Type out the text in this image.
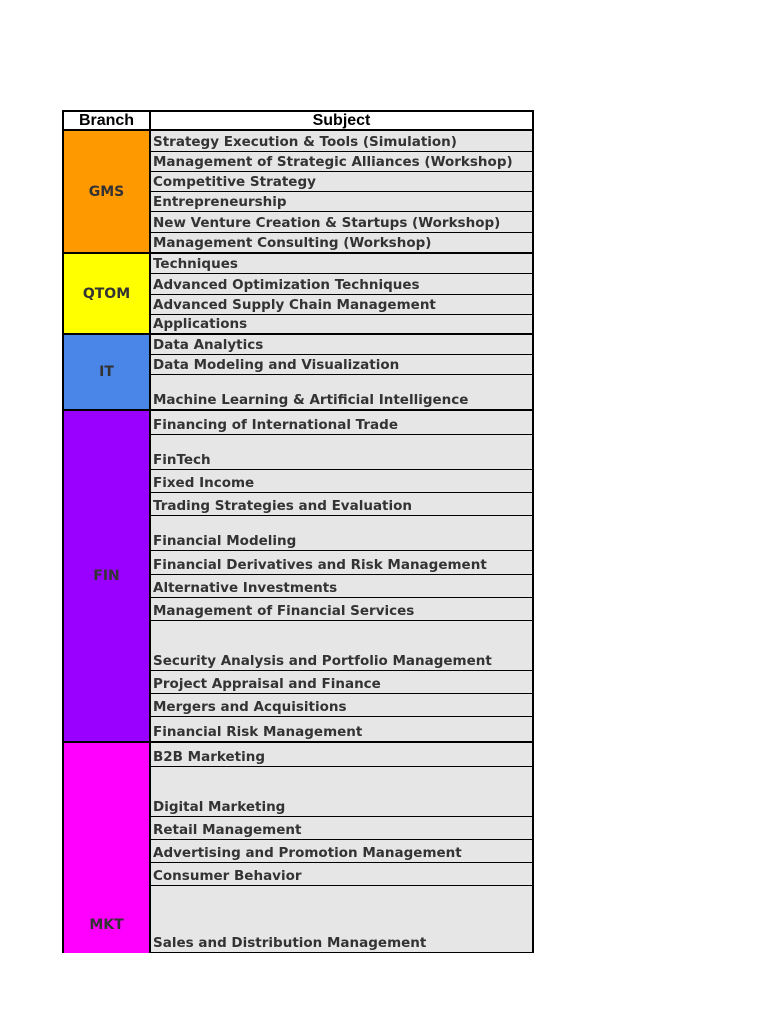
Branch	Subject
GMS
QTOM
IT
FIN
MKT
Strategy Execution & Tools (Simulation)
Management of Strategic Alliances (Workshop)
Competitive Strategy
Entrepreneurship
New Venture Creation & Startups (Workshop)
Management Consulting (Workshop)
Techniques
Advanced Optimization Techniques
Advanced Supply Chain Management
Applications
Data Analytics
Data Modeling and Visualization
Machine Learning & Artificial Intelligence
Financing of International Trade
FinTech
Fixed Income
Trading Strategies and Evaluation
Financial Modeling
Financial Derivatives and Risk Management
Alternative Investments
Management of Financial Services
Security Analysis and Portfolio Management
Project Appraisal and Finance
Mergers and Acquisitions
Financial Risk Management
B2B Marketing
Digital Marketing
Retail Management
Advertising and Promotion Management
Consumer Behavior
Sales and Distribution Management
